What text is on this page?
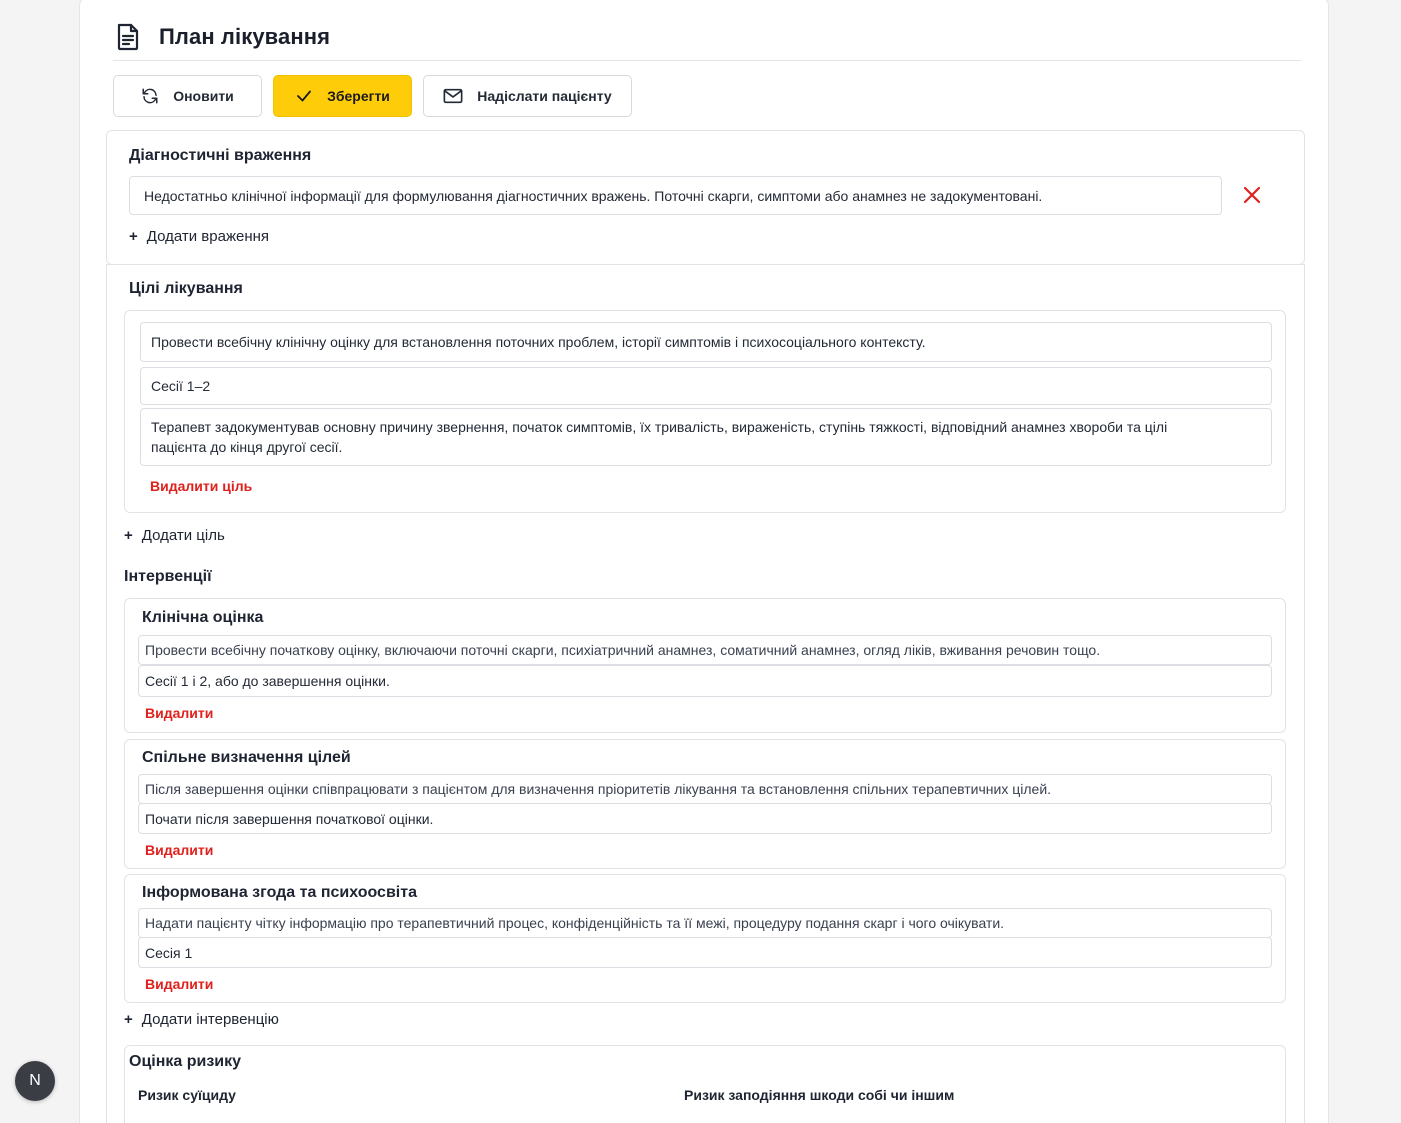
План лікування
Оновити	Зберегти	Надіслати пацієнту
Діагностичні враження
Недостатньо клінічної інформації для формулювання діагностичних вражень. Поточні скарги, симптоми або анамнез не задокументовані.
+ Додати враження
Цілі лікування
Провести всебічну клінічну оцінку для встановлення поточних проблем, історії симптомів і психосоціального контексту.
Сесії 1–2
Терапевт задокументував основну причину звернення, початок симптомів, їх тривалість, вираженість, ступінь тяжкості, відповідний анамнез хвороби та цілі пацієнта до кінця другої сесії.
Видалити ціль
+ Додати ціль
Інтервенції
Клінічна оцінка
Провести всебічну початкову оцінку, включаючи поточні скарги, психіатричний анамнез, соматичний анамнез, огляд ліків, вживання речовин тощо.
Сесії 1 і 2, або до завершення оцінки.
Видалити
Спільне визначення цілей
Після завершення оцінки співпрацювати з пацієнтом для визначення пріоритетів лікування та встановлення спільних терапевтичних цілей.
Почати після завершення початкової оцінки.
Видалити
Інформована згода та психоосвіта
Надати пацієнту чітку інформацію про терапевтичний процес, конфіденційність та її межі, процедуру подання скарг і чого очікувати.
Сесія 1
Видалити
+ Додати інтервенцію
Оцінка ризику
Ризик суїциду	Ризик заподіяння шкоди собі чи іншим
N
